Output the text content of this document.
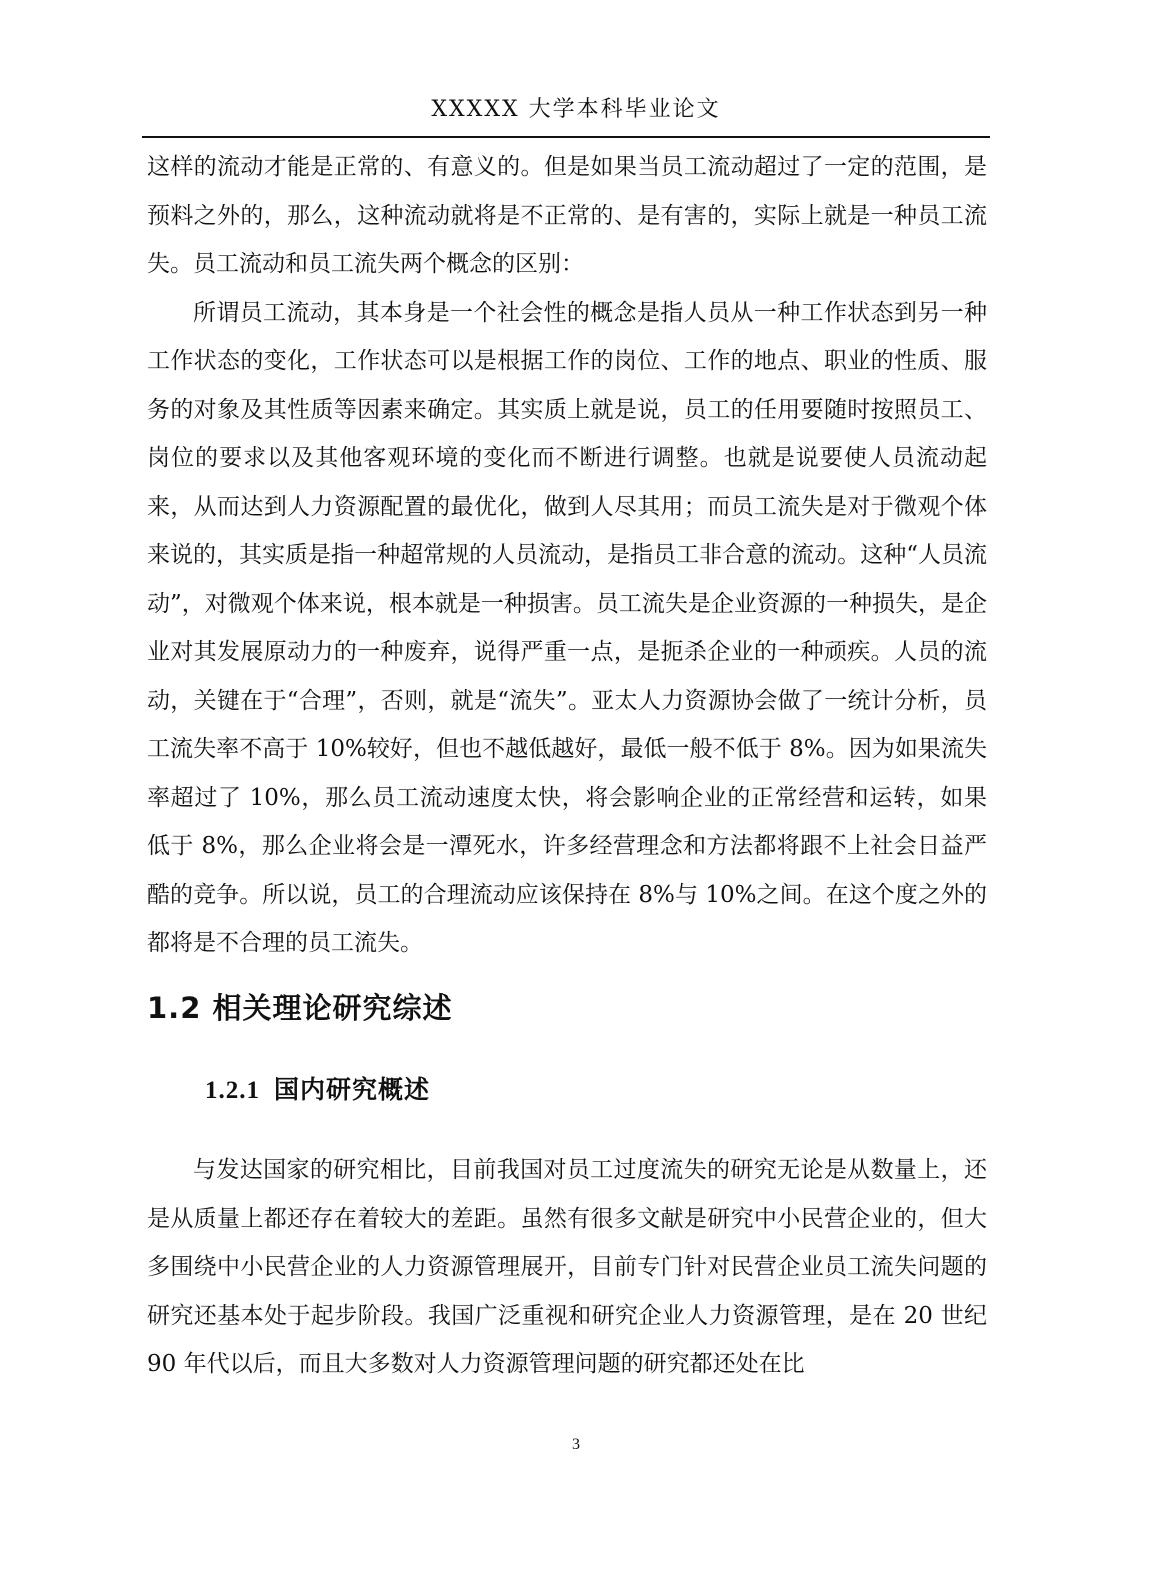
XXXXX 大学本科毕业论文

这样的流动才能是正常的、有意义的。但是如果当员工流动超过了一定的范围，是预料之外的，那么，这种流动就将是不正常的、是有害的，实际上就是一种员工流失。员工流动和员工流失两个概念的区别：

所谓员工流动，其本身是一个社会性的概念是指人员从一种工作状态到另一种工作状态的变化，工作状态可以是根据工作的岗位、工作的地点、职业的性质、服务的对象及其性质等因素来确定。其实质上就是说，员工的任用要随时按照员工、岗位的要求以及其他客观环境的变化而不断进行调整。也就是说要使人员流动起来，从而达到人力资源配置的最优化，做到人尽其用；而员工流失是对于微观个体来说的，其实质是指一种超常规的人员流动，是指员工非合意的流动。这种“人员流动”，对微观个体来说，根本就是一种损害。员工流失是企业资源的一种损失，是企业对其发展原动力的一种废弃，说得严重一点，是扼杀企业的一种顽疾。人员的流动，关键在于“合理”，否则，就是“流失”。亚太人力资源协会做了一统计分析，员工流失率不高于 10%较好，但也不越低越好，最低一般不低于 8%。因为如果流失率超过了 10%，那么员工流动速度太快，将会影响企业的正常经营和运转，如果低于 8%，那么企业将会是一潭死水，许多经营理念和方法都将跟不上社会日益严酷的竞争。所以说，员工的合理流动应该保持在 8%与 10%之间。在这个度之外的都将是不合理的员工流失。

1.2 相关理论研究综述
1.2.1 国内研究概述

与发达国家的研究相比，目前我国对员工过度流失的研究无论是从数量上，还是从质量上都还存在着较大的差距。虽然有很多文献是研究中小民营企业的，但大多围绕中小民营企业的人力资源管理展开，目前专门针对民营企业员工流失问题的研究还基本处于起步阶段。我国广泛重视和研究企业人力资源管理，是在 20 世纪 90 年代以后，而且大多数对人力资源管理问题的研究都还处在比

3
